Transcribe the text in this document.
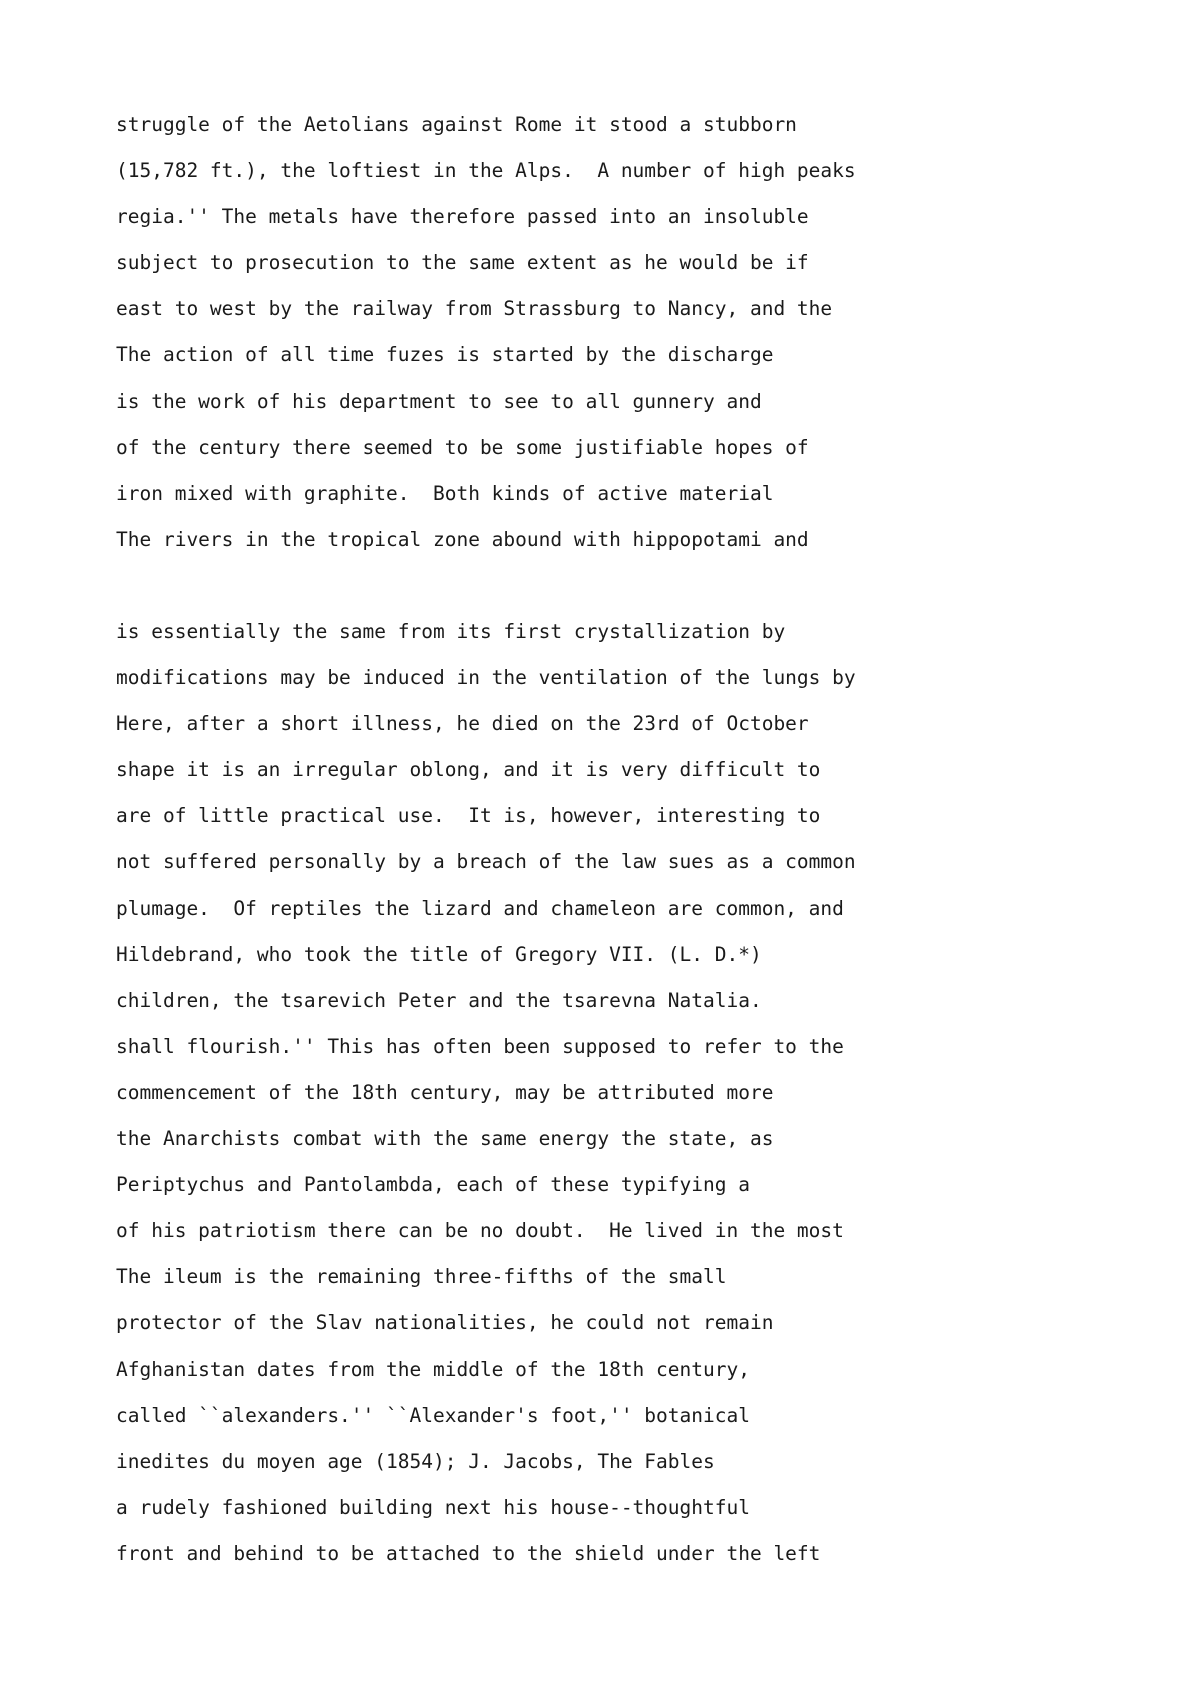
struggle of the Aetolians against Rome it stood a stubborn
(15,782 ft.), the loftiest in the Alps.  A number of high peaks
regia.'' The metals have therefore passed into an insoluble
subject to prosecution to the same extent as he would be if
east to west by the railway from Strassburg to Nancy, and the
The action of all time fuzes is started by the discharge
is the work of his department to see to all gunnery and
of the century there seemed to be some justifiable hopes of
iron mixed with graphite.  Both kinds of active material
The rivers in the tropical zone abound with hippopotami and
is essentially the same from its first crystallization by
modifications may be induced in the ventilation of the lungs by
Here, after a short illness, he died on the 23rd of October
shape it is an irregular oblong, and it is very difficult to
are of little practical use.  It is, however, interesting to
not suffered personally by a breach of the law sues as a common
plumage.  Of reptiles the lizard and chameleon are common, and
Hildebrand, who took the title of Gregory VII. (L. D.*)
children, the tsarevich Peter and the tsarevna Natalia.
shall flourish.'' This has often been supposed to refer to the
commencement of the 18th century, may be attributed more
the Anarchists combat with the same energy the state, as
Periptychus and Pantolambda, each of these typifying a
of his patriotism there can be no doubt.  He lived in the most
The ileum is the remaining three-fifths of the small
protector of the Slav nationalities, he could not remain
Afghanistan dates from the middle of the 18th century,
called ``alexanders.'' ``Alexander's foot,'' botanical
inedites du moyen age (1854); J. Jacobs, The Fables
a rudely fashioned building next his house--thoughtful
front and behind to be attached to the shield under the left
